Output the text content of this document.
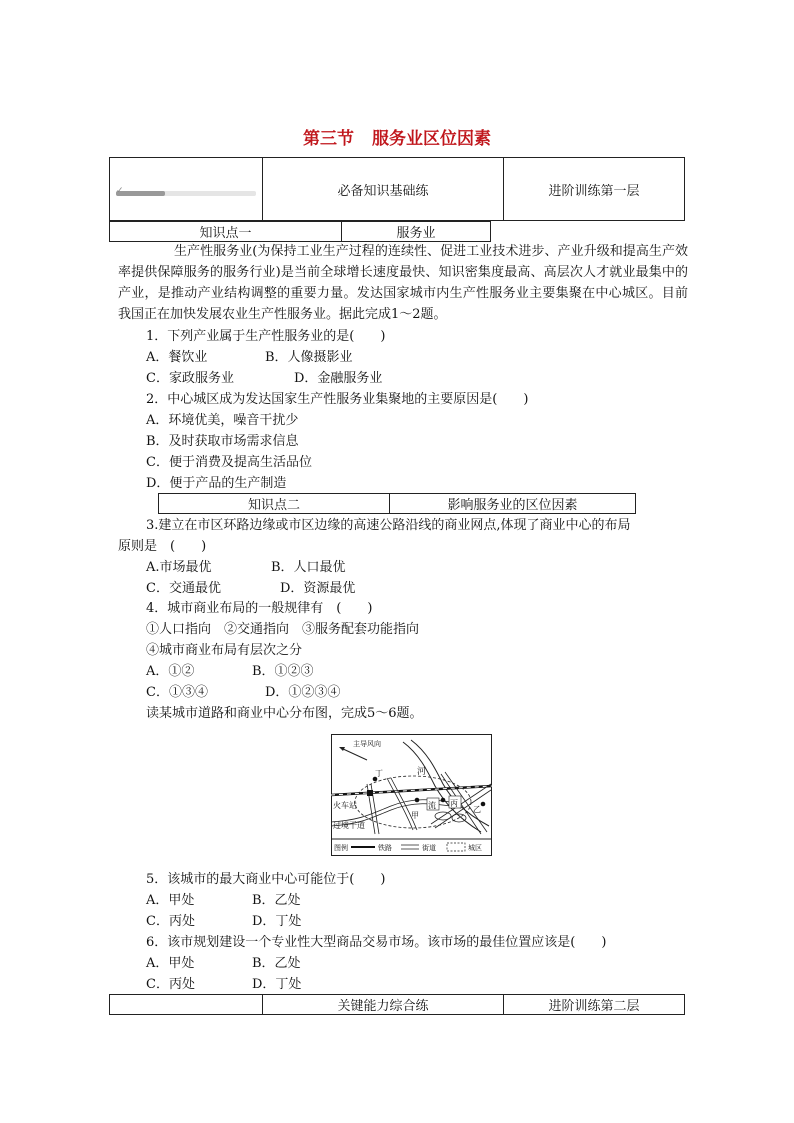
第三节 服务业区位因素
	必备知识基础练	进阶训练第一层
✓
知识点一	服务业
生产性服务业(为保持工业生产过程的连续性、促进工业技术进步、产业升级和提高生产效率提供保障服务的服务行业)是当前全球增长速度最快、知识密集度最高、高层次人才就业最集中的产业，是推动产业结构调整的重要力量。发达国家城市内生产性服务业主要集聚在中心城区。目前我国正在加快发展农业生产性服务业。据此完成1～2题。
1．下列产业属于生产性服务业的是(　　)
A．餐饮业	B．人像摄影业
C．家政服务业	D．金融服务业
2．中心城区成为发达国家生产性服务业集聚地的主要原因是(　　)
A．环境优美，噪音干扰少
B．及时获取市场需求信息
C．便于消费及提高生活品位
D．便于产品的生产制造
知识点二	影响服务业的区位因素
3.建立在市区环路边缘或市区边缘的高速公路沿线的商业网点,体现了商业中心的布局
原则是　(　　)
A.市场最优	B．人口最优
C．交通最优	D．资源最优
4．城市商业布局的一般规律有　(　　)
①人口指向　②交通指向　③服务配套功能指向
④城市商业布局有层次之分
A．①②	B．①②③
C．①③④	D．①②③④
读某城市道路和商业中心分布图，完成5～6题。
主导风向
河
火车站
过境干道
丁
甲
流 丙
乙
图例	铁路	街道	城区
5．该城市的最大商业中心可能位于(　　)
A．甲处	B．乙处
C．丙处	D．丁处
6．该市规划建设一个专业性大型商品交易市场。该市场的最佳位置应该是(　　)
A．甲处	B．乙处
C．丙处	D．丁处
	关键能力综合练	进阶训练第二层
